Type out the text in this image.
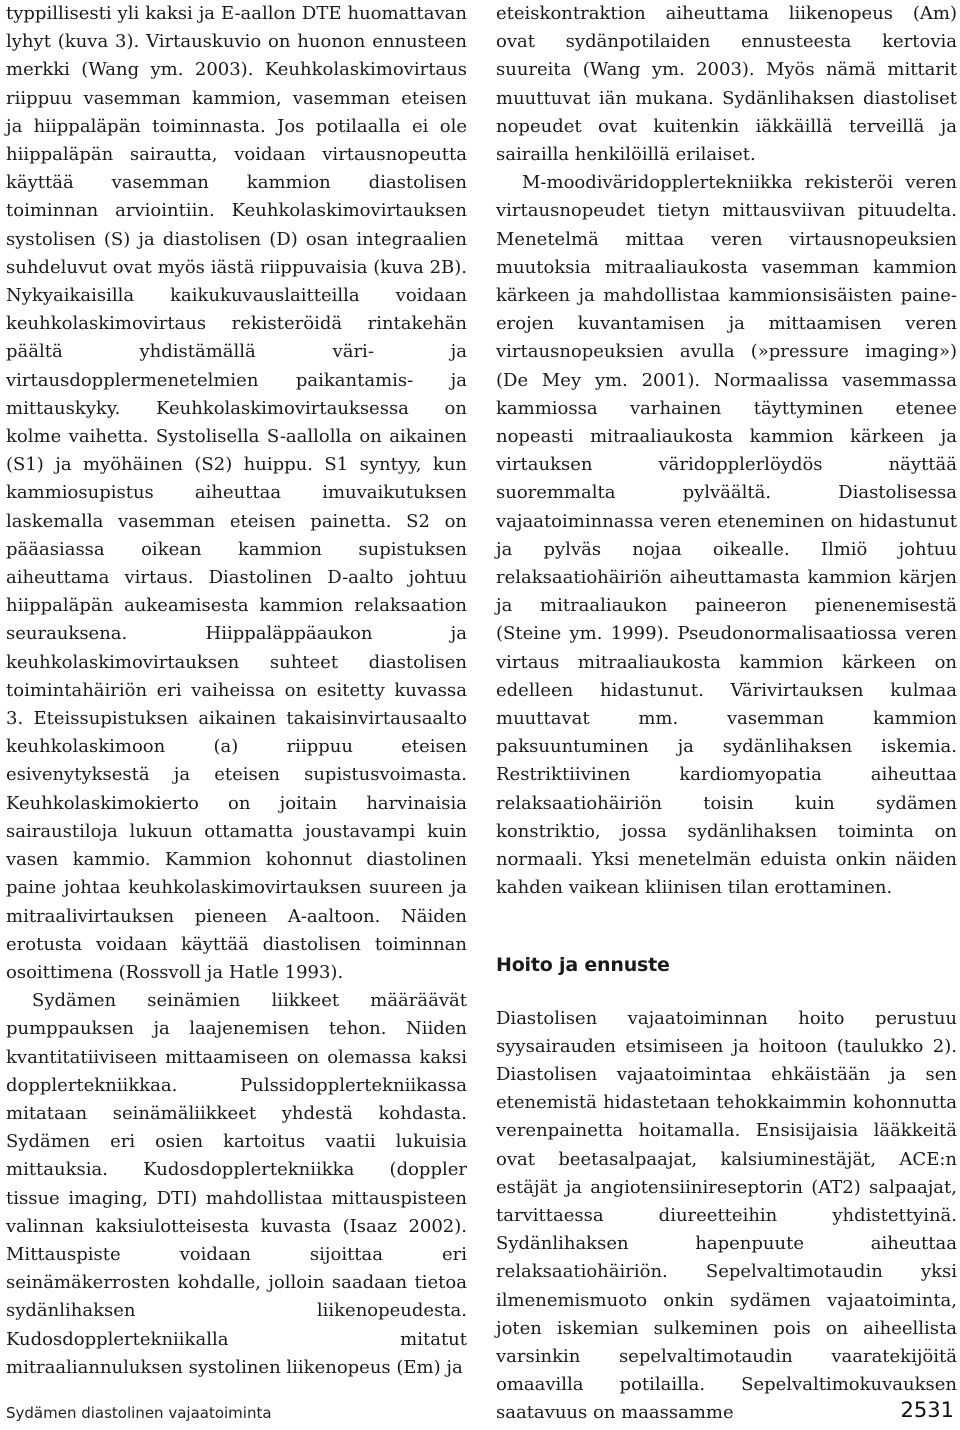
typpillisesti yli kaksi ja E-aallon DTE huomattavan lyhyt (kuva 3). Virtauskuvio on huonon ennusteen merkki (Wang ym. 2003). Keuhkolaskimovirtaus riippuu vasemman kammion, vasemman eteisen ja hiippaläpän toiminnasta. Jos potilaalla ei ole hiippaläpän sairautta, voidaan virtausnopeutta käyttää vasemman kammion diastolisen toiminnan arviointiin. Keuhkolaskimovirtauksen systolisen (S) ja diastolisen (D) osan integraalien suhdeluvut ovat myös iästä riippuvaisia (kuva 2B). Nykyaikaisilla kaikukuvauslaitteilla voidaan keuhkolaskimovirtaus rekisteröidä rintakehän päältä yhdistämällä väri- ja virtausdopplermenetelmien paikantamis- ja mittauskyky. Keuhkolaskimovirtauksessa on kolme vaihetta. Systolisella S-aallolla on aikainen (S1) ja myöhäinen (S2) huippu. S1 syntyy, kun kammiosupistus aiheuttaa imuvaikutuksen laskemalla vasemman eteisen painetta. S2 on pääasiassa oikean kammion supistuksen aiheuttama virtaus. Diastolinen D-aalto johtuu hiippaläpän aukeamisesta kammion relaksaation seurauksena. Hiippaläppäaukon ja keuhkolaskimovirtauksen suhteet diastolisen toimintahäiriön eri vaiheissa on esitetty kuvassa 3. Eteissupistuksen aikainen takaisinvirtausaalto keuhkolaskimoon (a) riippuu eteisen esivenytyksestä ja eteisen supistusvoimasta. Keuhkolaskimokierto on joitain harvinaisia sairaustiloja lukuun ottamatta joustavampi kuin vasen kammio. Kammion kohonnut diastolinen paine johtaa keuhkolaskimovirtauksen suureen ja mitraalivirtauksen pieneen A-aaltoon. Näiden erotusta voidaan käyttää diastolisen toiminnan osoittimena (Rossvoll ja Hatle 1993).

Sydämen seinämien liikkeet määräävät pumppauksen ja laajenemisen tehon. Niiden kvantitatiiviseen mittaamiseen on olemassa kaksi dopplertekniikkaa. Pulssidopplertekniikassa mitataan seinämäliikkeet yhdestä kohdasta. Sydämen eri osien kartoitus vaatii lukuisia mittauksia. Kudosdopplertekniikka (doppler tissue imaging, DTI) mahdollistaa mittauspisteen valinnan kaksiulotteisesta kuvasta (Isaaz 2002). Mittauspiste voidaan sijoittaa eri seinämäkerrosten kohdalle, jolloin saadaan tietoa sydänlihaksen liikenopeudesta. Kudosdopplertekniikalla mitatut mitraaliannuluksen systolinen liikenopeus (Em) ja

eteiskontraktion aiheuttama liikenopeus (Am) ovat sydänpotilaiden ennusteesta kertovia suureita (Wang ym. 2003). Myös nämä mittarit muuttuvat iän mukana. Sydänlihaksen diastoliset nopeudet ovat kuitenkin iäkkäillä terveillä ja sairailla henkilöillä erilaiset.

M-moodiväridopplertekniikka rekisteröi veren virtausnopeudet tietyn mittausviivan pituudelta. Menetelmä mittaa veren virtausnopeuksien muutoksia mitraaliaukosta vasemman kammion kärkeen ja mahdollistaa kammionsisäisten paine-erojen kuvantamisen ja mittaamisen veren virtausnopeuksien avulla (»pressure imaging») (De Mey ym. 2001). Normaalissa vasemmassa kammiossa varhainen täyttyminen etenee nopeasti mitraaliaukosta kammion kärkeen ja virtauksen väridopplerlöydös näyttää suoremmalta pylväältä. Diastolisessa vajaatoiminnassa veren eteneminen on hidastunut ja pylväs nojaa oikealle. Ilmiö johtuu relaksaatiohäiriön aiheuttamasta kammion kärjen ja mitraaliaukon paineeron pienenemisestä (Steine ym. 1999). Pseudonormalisaatiossa veren virtaus mitraaliaukosta kammion kärkeen on edelleen hidastunut. Värivirtauksen kulmaa muuttavat mm. vasemman kammion paksuuntuminen ja sydänlihaksen iskemia. Restriktiivinen kardiomyopatia aiheuttaa relaksaatiohäiriön toisin kuin sydämen konstriktio, jossa sydänlihaksen toiminta on normaali. Yksi menetelmän eduista onkin näiden kahden vaikean kliinisen tilan erottaminen.

Hoito ja ennuste

Diastolisen vajaatoiminnan hoito perustuu syysairauden etsimiseen ja hoitoon (taulukko 2). Diastolisen vajaatoimintaa ehkäistään ja sen etenemistä hidastetaan tehokkaimmin kohonnutta verenpainetta hoitamalla. Ensisijaisia lääkkeitä ovat beetasalpaajat, kalsiuminestäjät, ACE:n estäjät ja angiotensiinireseptorin (AT2) salpaajat, tarvittaessa diureetteihin yhdistettyinä. Sydänlihaksen hapenpuute aiheuttaa relaksaatiohäiriön. Sepelvaltimotaudin yksi ilmenemismuoto onkin sydämen vajaatoiminta, joten iskemian sulkeminen pois on aiheellista varsinkin sepelvaltimotaudin vaaratekijöitä omaavilla potilailla. Sepelvaltimokuvauksen saatavuus on maassamme

Sydämen diastolinen vajaatoiminta	2531
